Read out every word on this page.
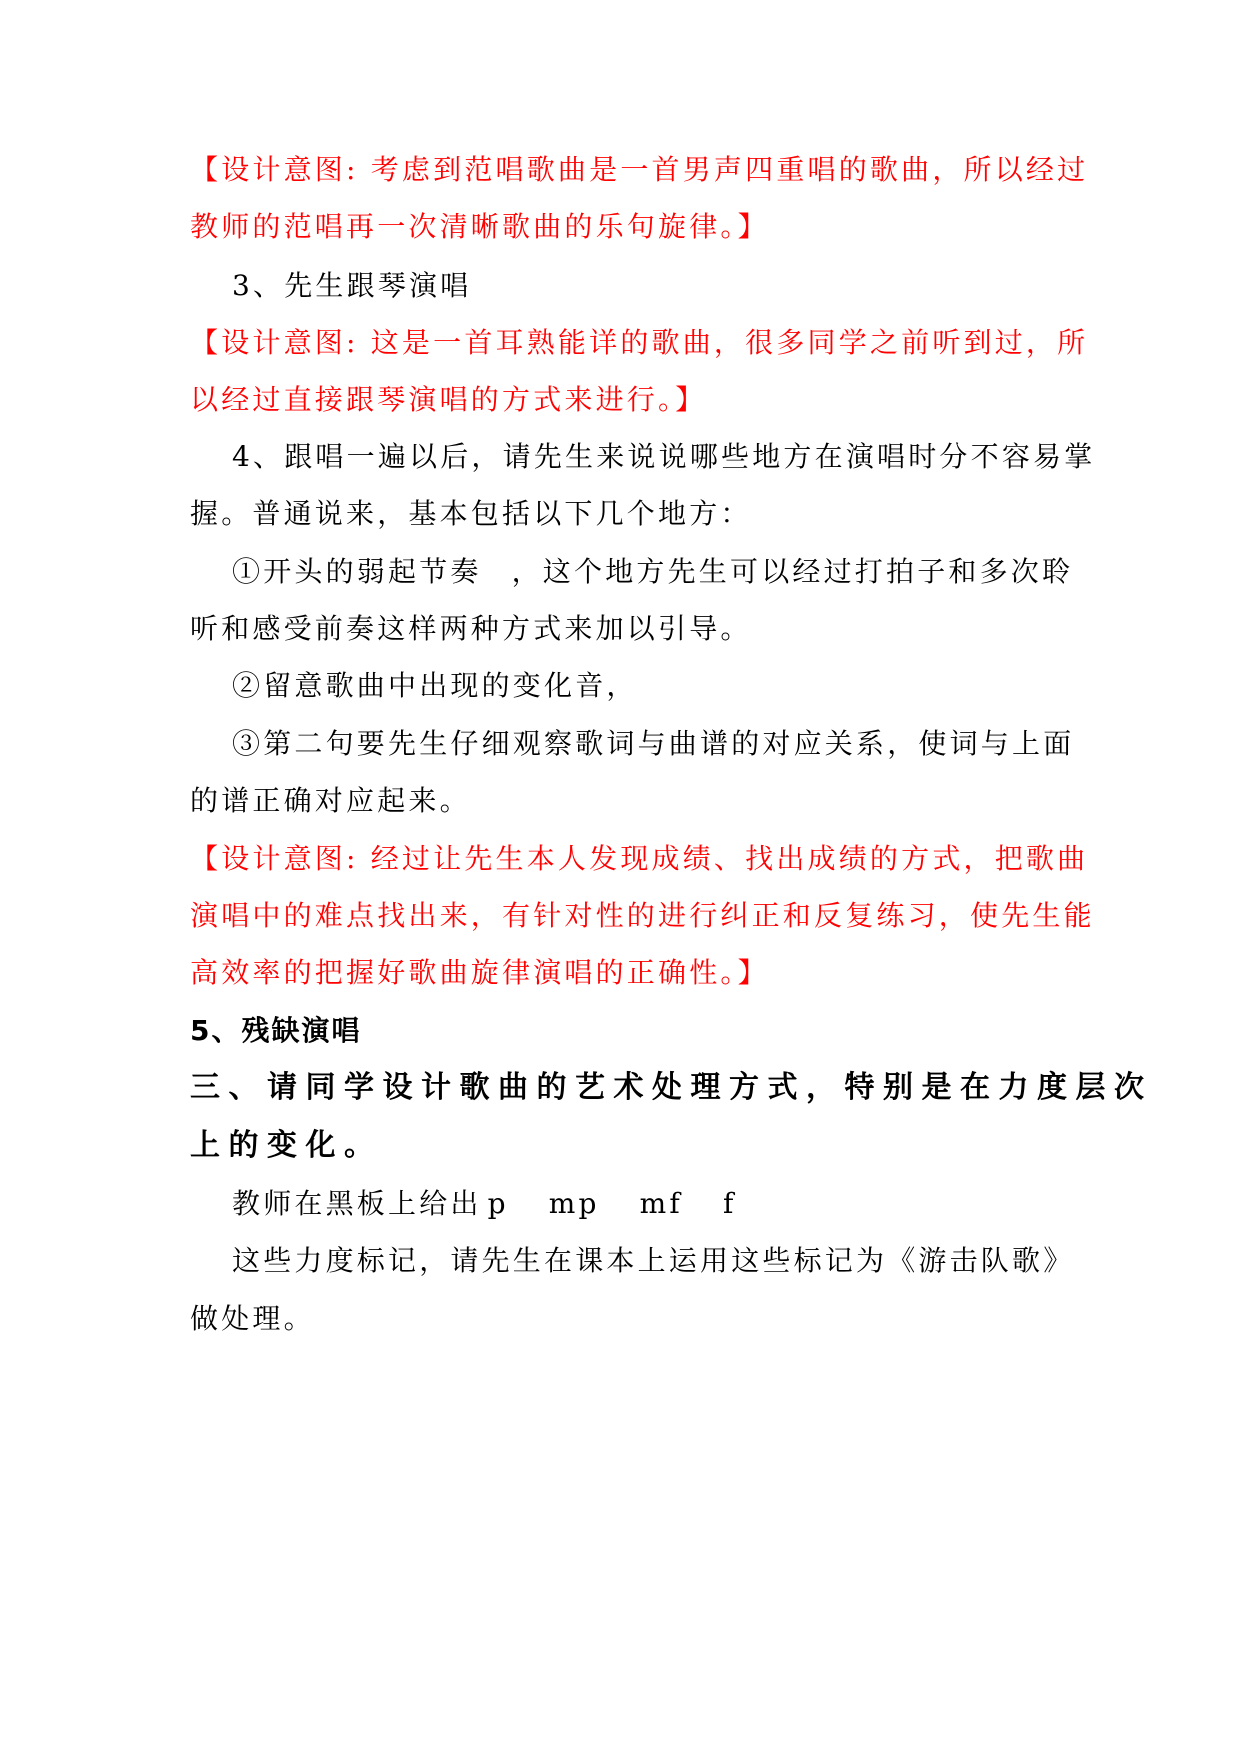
【设计意图: 考虑到范唱歌曲是一首男声四重唱的歌曲，所以经过
教师的范唱再一次清晰歌曲的乐句旋律。】
3、先生跟琴演唱
【设计意图: 这是一首耳熟能详的歌曲，很多同学之前听到过，所
以经过直接跟琴演唱的方式来进行。】
4、跟唱一遍以后，请先生来说说哪些地方在演唱时分不容易掌
握。普通说来，基本包括以下几个地方：
①开头的弱起节奏 ，这个地方先生可以经过打拍子和多次聆
听和感受前奏这样两种方式来加以引导。
②留意歌曲中出现的变化音，
③第二句要先生仔细观察歌词与曲谱的对应关系，使词与上面
的谱正确对应起来。
【设计意图: 经过让先生本人发现成绩、找出成绩的方式，把歌曲
演唱中的难点找出来，有针对性的进行纠正和反复练习，使先生能
高效率的把握好歌曲旋律演唱的正确性。】
5、残缺演唱
三、请同学设计歌曲的艺术处理方式，特别是在力度层次
上的变化。
教师在黑板上给出 p mp mf f
这些力度标记，请先生在课本上运用这些标记为《游击队歌》
做处理。
